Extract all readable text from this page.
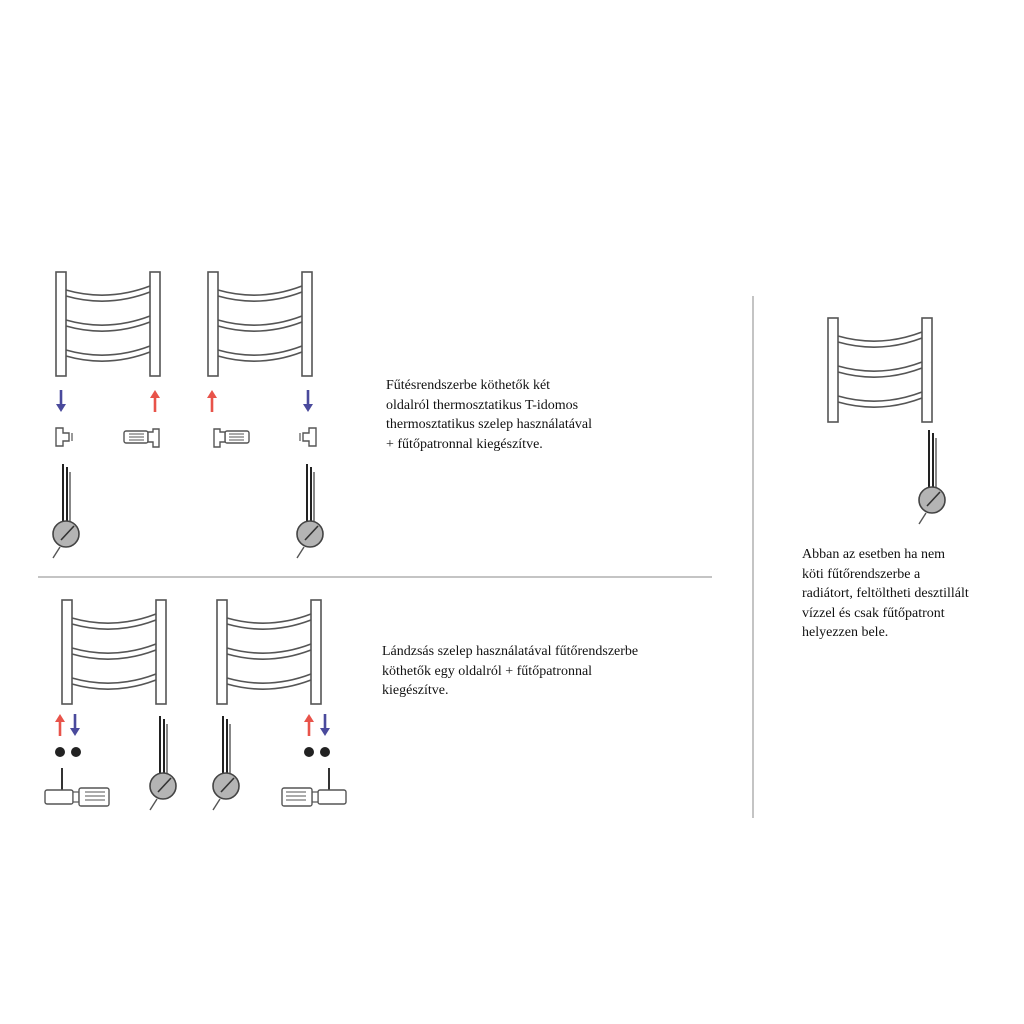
Fűtésrendszerbe köthetők két
oldalról thermosztatikus T-idomos
thermosztatikus szelep használatával
+ fűtőpatronnal kiegészítve.

Lándzsás szelep használatával fűtőrendszerbe
köthetők egy oldalról + fűtőpatronnal
kiegészítve.

Abban az esetben ha nem
köti fűtőrendszerbe a
radiátort, feltöltheti desztillált
vízzel és csak fűtőpatront
helyezzen bele.
